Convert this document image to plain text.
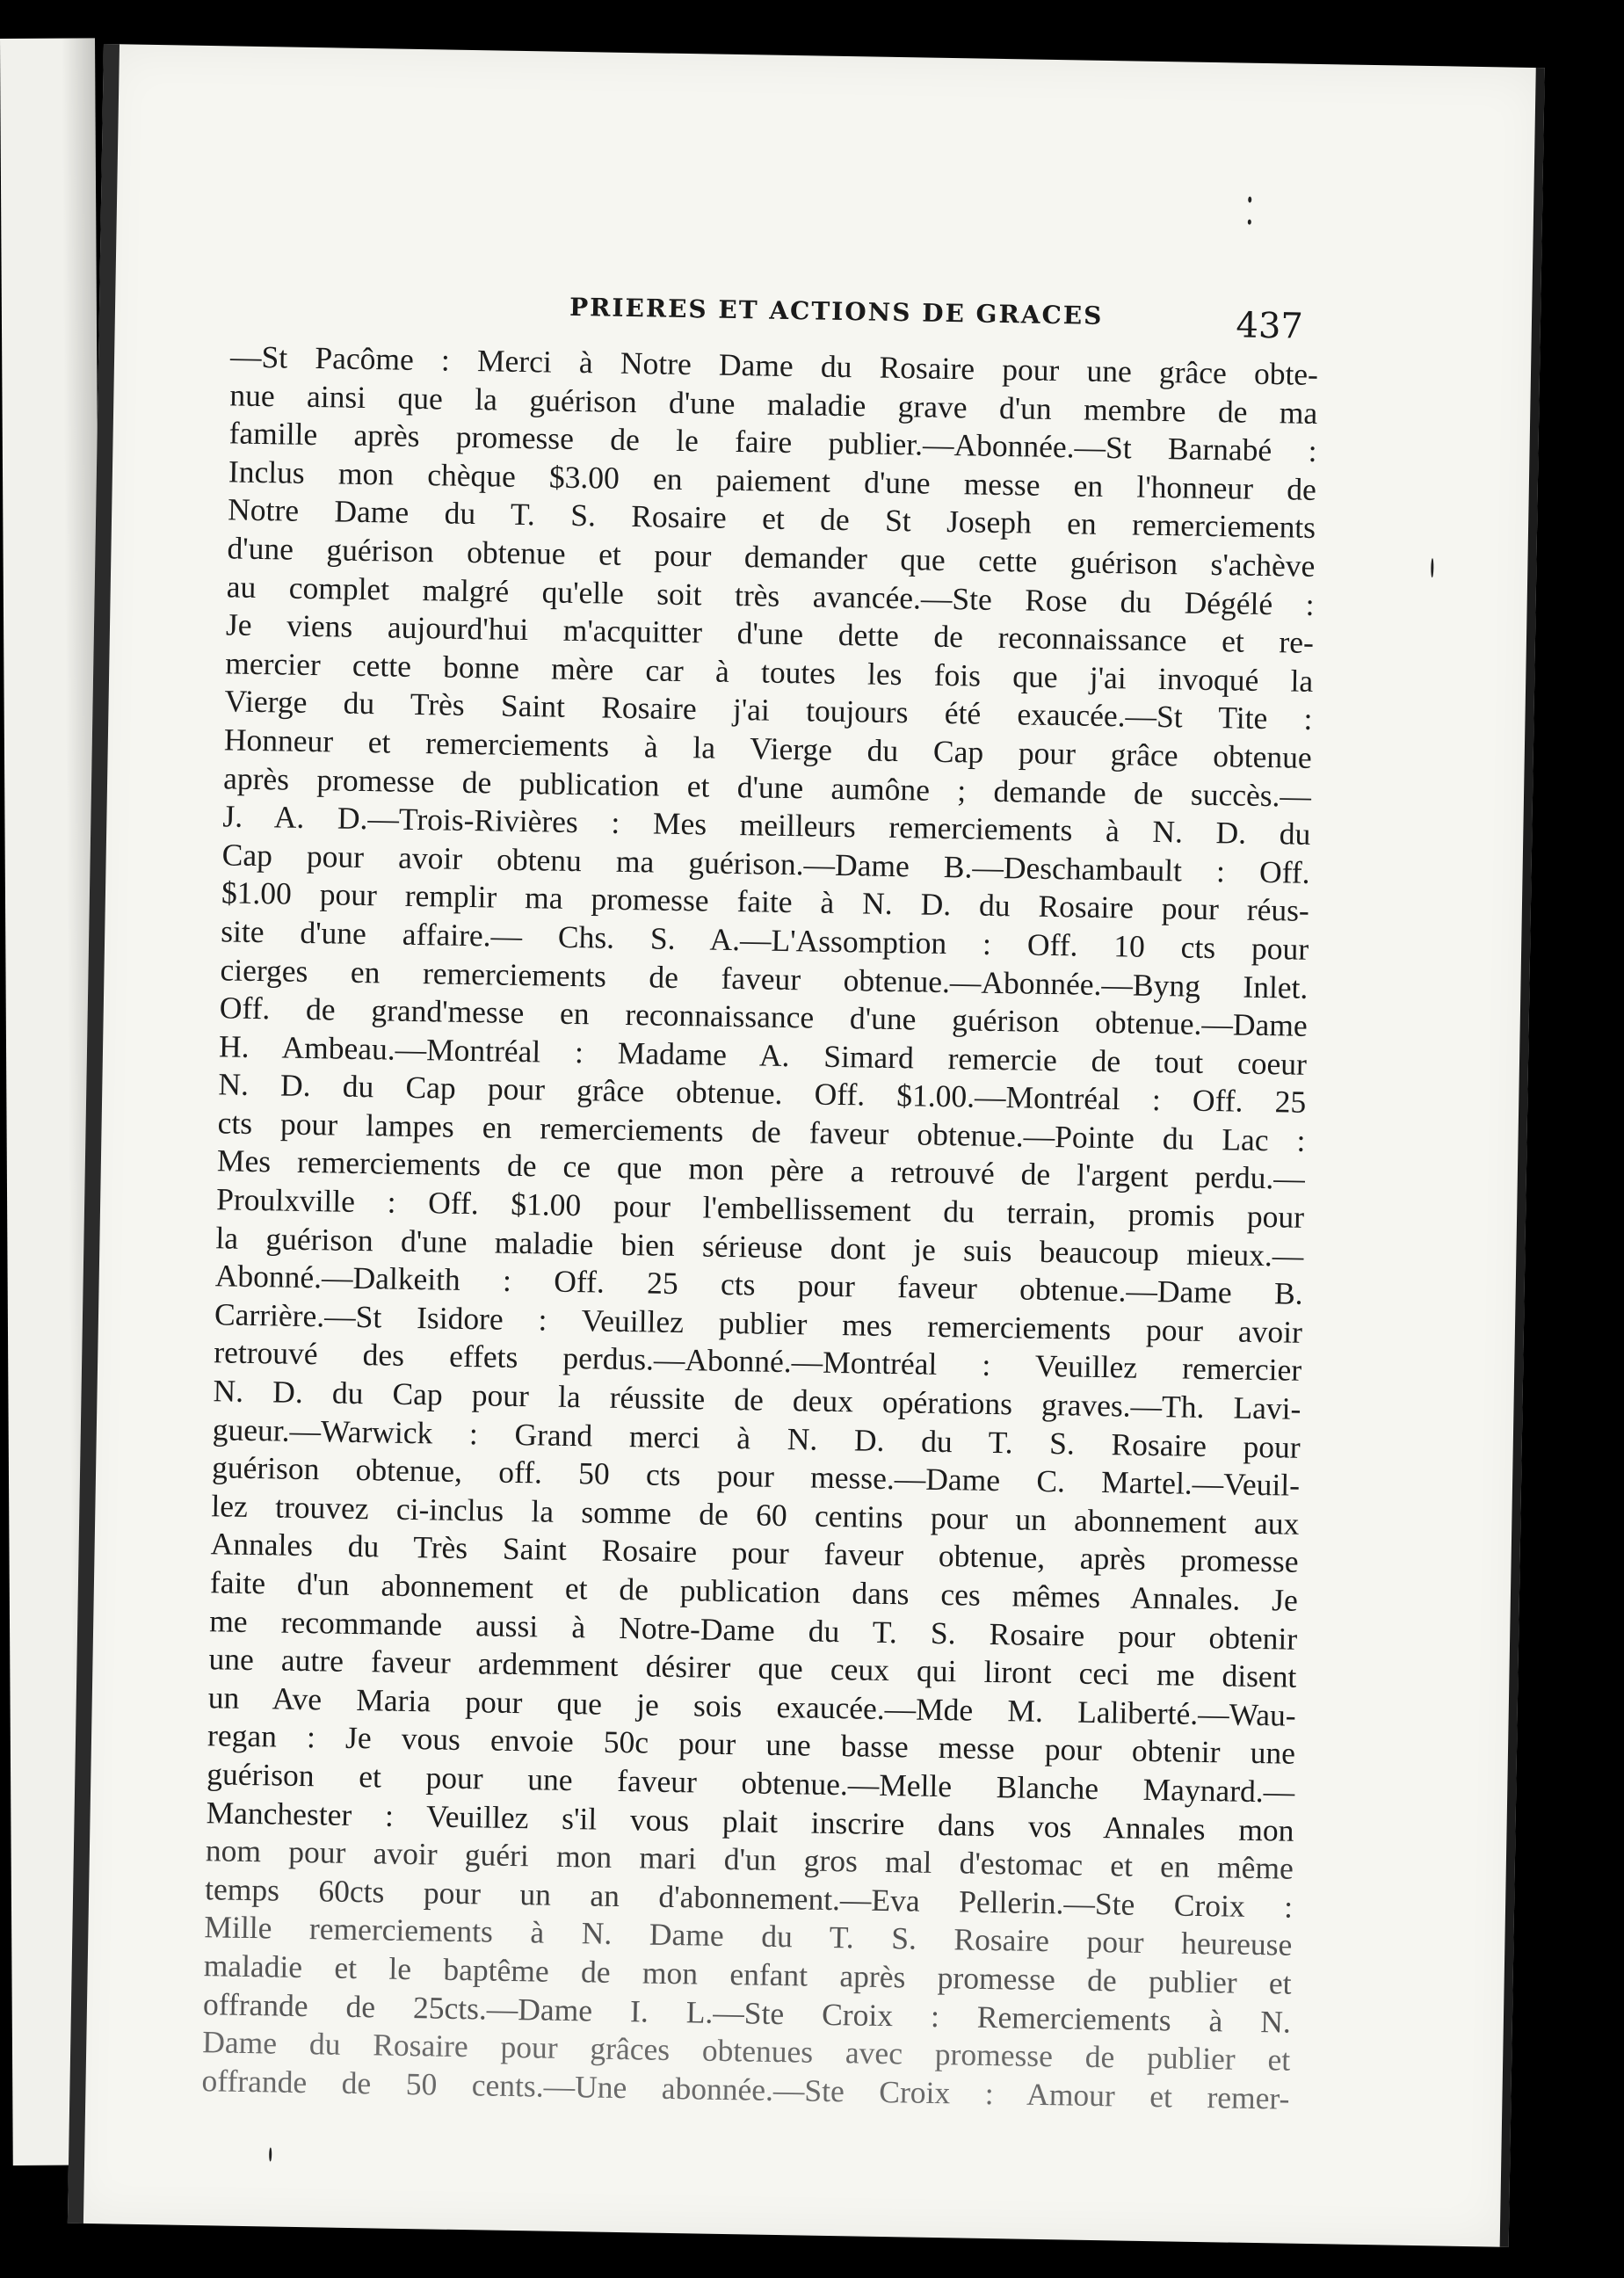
PRIERES ET ACTIONS DE GRACES	437
—St Pacôme : Merci à Notre Dame du Rosaire pour une grâce obte-
nue ainsi que la guérison d'une maladie grave d'un membre de ma
famille après promesse de le faire publier.—Abonnée.—St Barnabé :
Inclus mon chèque $3.00 en paiement d'une messe en l'honneur de
Notre Dame du T. S. Rosaire et de St Joseph en remerciements
d'une guérison obtenue et pour demander que cette guérison s'achève
au complet malgré qu'elle soit très avancée.—Ste Rose du Dégélé :
Je viens aujourd'hui m'acquitter d'une dette de reconnaissance et re-
mercier cette bonne mère car à toutes les fois que j'ai invoqué la
Vierge du Très Saint Rosaire j'ai toujours été exaucée.—St Tite :
Honneur et remerciements à la Vierge du Cap pour grâce obtenue
après promesse de publication et d'une aumône ; demande de succès.—
J. A. D.—Trois-Rivières : Mes meilleurs remerciements à N. D. du
Cap pour avoir obtenu ma guérison.—Dame B.—Deschambault : Off.
$1.00 pour remplir ma promesse faite à N. D. du Rosaire pour réus-
site d'une affaire.— Chs. S. A.—L'Assomption : Off. 10 cts pour
cierges en remerciements de faveur obtenue.—Abonnée.—Byng Inlet.
Off. de grand'messe en reconnaissance d'une guérison obtenue.—Dame
H. Ambeau.—Montréal : Madame A. Simard remercie de tout coeur
N. D. du Cap pour grâce obtenue. Off. $1.00.—Montréal : Off. 25
cts pour lampes en remerciements de faveur obtenue.—Pointe du Lac :
Mes remerciements de ce que mon père a retrouvé de l'argent perdu.—
Proulxville : Off. $1.00 pour l'embellissement du terrain, promis pour
la guérison d'une maladie bien sérieuse dont je suis beaucoup mieux.—
Abonné.—Dalkeith : Off. 25 cts pour faveur obtenue.—Dame B.
Carrière.—St Isidore : Veuillez publier mes remerciements pour avoir
retrouvé des effets perdus.—Abonné.—Montréal : Veuillez remercier
N. D. du Cap pour la réussite de deux opérations graves.—Th. Lavi-
gueur.—Warwick : Grand merci à N. D. du T. S. Rosaire pour
guérison obtenue, off. 50 cts pour messe.—Dame C. Martel.—Veuil-
lez trouvez ci-inclus la somme de 60 centins pour un abonnement aux
Annales du Très Saint Rosaire pour faveur obtenue, après promesse
faite d'un abonnement et de publication dans ces mêmes Annales. Je
me recommande aussi à Notre-Dame du T. S. Rosaire pour obtenir
une autre faveur ardemment désirer que ceux qui liront ceci me disent
un Ave Maria pour que je sois exaucée.—Mde M. Laliberté.—Wau-
regan : Je vous envoie 50c pour une basse messe pour obtenir une
guérison et pour une faveur obtenue.—Melle Blanche Maynard.—
Manchester : Veuillez s'il vous plait inscrire dans vos Annales mon
nom pour avoir guéri mon mari d'un gros mal d'estomac et en même
temps 60cts pour un an d'abonnement.—Eva Pellerin.—Ste Croix :
Mille remerciements à N. Dame du T. S. Rosaire pour heureuse
maladie et le baptême de mon enfant après promesse de publier et
offrande de 25cts.—Dame I. L.—Ste Croix : Remerciements à N.
Dame du Rosaire pour grâces obtenues avec promesse de publier et
offrande de 50 cents.—Une abonnée.—Ste Croix : Amour et remer-
